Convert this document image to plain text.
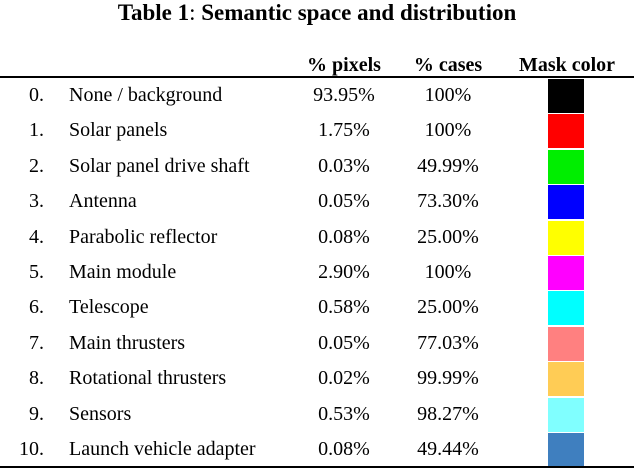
Table 1: Semantic space and distribution
% pixels	% cases	Mask color
0. None / background	93.95%	100%
1. Solar panels	1.75%	100%
2. Solar panel drive shaft	0.03%	49.99%
3. Antenna	0.05%	73.30%
4. Parabolic reflector	0.08%	25.00%
5. Main module	2.90%	100%
6. Telescope	0.58%	25.00%
7. Main thrusters	0.05%	77.03%
8. Rotational thrusters	0.02%	99.99%
9. Sensors	0.53%	98.27%
10. Launch vehicle adapter	0.08%	49.44%
